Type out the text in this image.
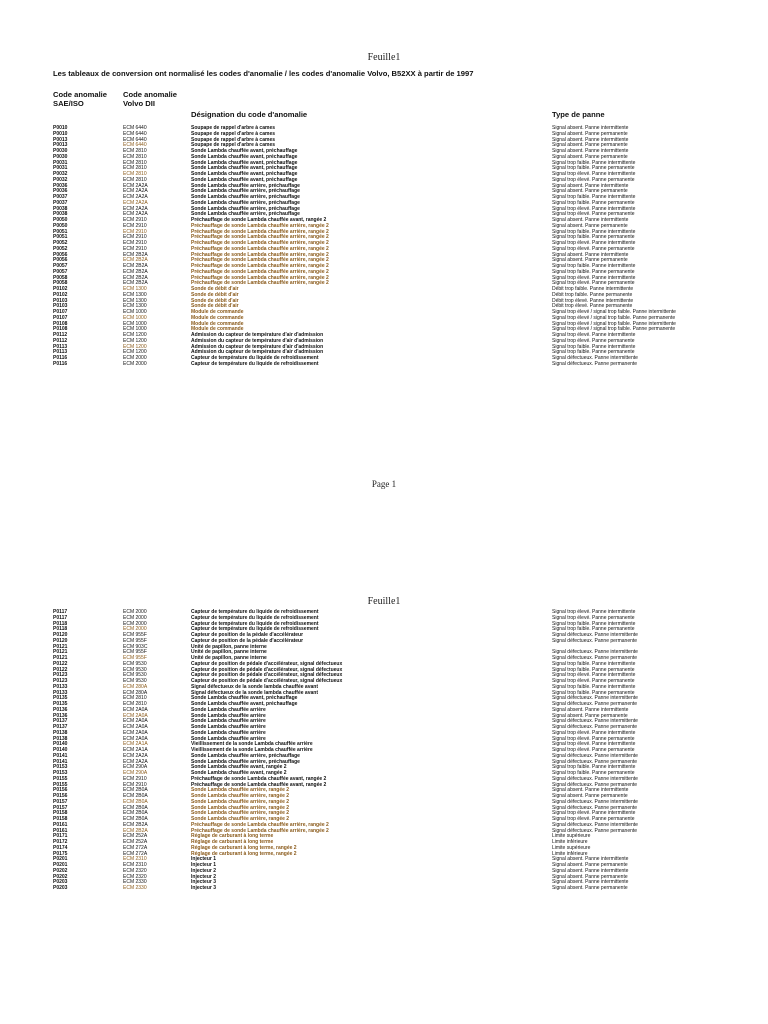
Feuille1
Les tableaux de conversion ont normalisé les codes d'anomalie / les codes d'anomalie Volvo, B52XX à partir de 1997
Code anomalie
SAE/ISO
Code anomalie
Volvo DII
Désignation du code d'anomalie	Type de panne
P0010	ECM 6440	Soupape de rappel d'arbre à cames	Signal absent. Panne intermittente
P0010	ECM 6440	Soupape de rappel d'arbre à cames	Signal absent. Panne permanente
P0013	ECM 6440	Soupape de rappel d'arbre à cames	Signal absent. Panne intermittente
P0013	ECM 6440	Soupape de rappel d'arbre à cames	Signal absent. Panne permanente
P0030	ECM 2810	Sonde Lambda chauffée avant, préchauffage	Signal absent. Panne intermittente
P0030	ECM 2810	Sonde Lambda chauffée avant, préchauffage	Signal absent. Panne permanente
P0031	ECM 2810	Sonde Lambda chauffée avant, préchauffage	Signal trop faible. Panne intermittente
P0031	ECM 2810	Sonde Lambda chauffée avant, préchauffage	Signal trop faible. Panne permanente
P0032	ECM 2810	Sonde Lambda chauffée avant, préchauffage	Signal trop élevé. Panne intermittente
P0032	ECM 2810	Sonde Lambda chauffée avant, préchauffage	Signal trop élevé. Panne permanente
P0036	ECM 2A2A	Sonde Lambda chauffée arrière, préchauffage	Signal absent. Panne intermittente
P0036	ECM 2A2A	Sonde Lambda chauffée arrière, préchauffage	Signal absent. Panne permanente
P0037	ECM 2A2A	Sonde Lambda chauffée arrière, préchauffage	Signal trop faible. Panne intermittente
P0037	ECM 2A2A	Sonde Lambda chauffée arrière, préchauffage	Signal trop faible. Panne permanente
P0038	ECM 2A2A	Sonde Lambda chauffée arrière, préchauffage	Signal trop élevé. Panne intermittente
P0038	ECM 2A2A	Sonde Lambda chauffée arrière, préchauffage	Signal trop élevé. Panne permanente
P0050	ECM 2910	Préchauffage de sonde Lambda chauffée avant, rangée 2	Signal absent. Panne intermittente
P0050	ECM 2910	Préchauffage de sonde Lambda chauffée arrière, rangée 2	Signal absent. Panne permanente
P0051	ECM 2910	Préchauffage de sonde Lambda chauffée arrière, rangée 2	Signal trop faible. Panne intermittente
P0051	ECM 2910	Préchauffage de sonde Lambda chauffée arrière, rangée 2	Signal trop faible. Panne permanente
P0052	ECM 2910	Préchauffage de sonde Lambda chauffée arrière, rangée 2	Signal trop élevé. Panne intermittente
P0052	ECM 2910	Préchauffage de sonde Lambda chauffée arrière, rangée 2	Signal trop élevé. Panne permanente
P0056	ECM 2B2A	Préchauffage de sonde Lambda chauffée arrière, rangée 2	Signal absent. Panne intermittente
P0056	ECM 2B2A	Préchauffage de sonde Lambda chauffée arrière, rangée 2	Signal absent. Panne permanente
P0057	ECM 2B2A	Préchauffage de sonde Lambda chauffée arrière, rangée 2	Signal trop faible. Panne intermittente
P0057	ECM 2B2A	Préchauffage de sonde Lambda chauffée arrière, rangée 2	Signal trop faible. Panne permanente
P0058	ECM 2B2A	Préchauffage de sonde Lambda chauffée arrière, rangée 2	Signal trop élevé. Panne intermittente
P0058	ECM 2B2A	Préchauffage de sonde Lambda chauffée arrière, rangée 2	Signal trop élevé. Panne permanente
P0102	ECM 1300	Sonde de débit d'air	Débit trop faible. Panne intermittente
P0102	ECM 1300	Sonde de débit d'air	Débit trop faible. Panne permanente
P0103	ECM 1300	Sonde de débit d'air	Débit trop élevé. Panne intermittente
P0103	ECM 1300	Sonde de débit d'air	Débit trop élevé. Panne permanente
P0107	ECM 1000	Module de commande	Signal trop élevé / signal trop faible. Panne intermittente
P0107	ECM 1000	Module de commande	Signal trop élevé / signal trop faible. Panne permanente
P0108	ECM 1000	Module de commande	Signal trop élevé / signal trop faible. Panne intermittente
P0108	ECM 1000	Module de commande	Signal trop élevé / signal trop faible. Panne permanente
P0112	ECM 1200	Admission du capteur de température d'air d'admission	Signal trop élevé. Panne intermittente
P0112	ECM 1200	Admission du capteur de température d'air d'admission	Signal trop élevé. Panne permanente
P0113	ECM 1200	Admission du capteur de température d'air d'admission	Signal trop faible. Panne intermittente
P0113	ECM 1200	Admission du capteur de température d'air d'admission	Signal trop faible. Panne permanente
P0116	ECM 2000	Capteur de température du liquide de refroidissement	Signal défectueux. Panne intermittente
P0116	ECM 2000	Capteur de température du liquide de refroidissement	Signal défectueux. Panne permanente
Page 1
Feuille1
P0117	ECM 2000	Capteur de température du liquide de refroidissement	Signal trop élevé. Panne intermittente
P0117	ECM 2000	Capteur de température du liquide de refroidissement	Signal trop élevé. Panne permanente
P0118	ECM 2000	Capteur de température du liquide de refroidissement	Signal trop faible. Panne intermittente
P0118	ECM 2000	Capteur de température du liquide de refroidissement	Signal trop faible. Panne permanente
P0120	ECM 955F	Capteur de position de la pédale d'accélérateur	Signal défectueux. Panne intermittente
P0120	ECM 955F	Capteur de position de la pédale d'accélérateur	Signal défectueux. Panne permanente
P0121	ECM 903C	Unité de papillon, panne interne
P0121	ECM 955F	Unité de papillon, panne interne	Signal défectueux. Panne intermittente
P0121	ECM 955F	Unité de papillon, panne interne	Signal défectueux. Panne permanente
P0122	ECM 9530	Capteur de position de pédale d'accélérateur, signal défectueux	Signal trop faible. Panne intermittente
P0122	ECM 9530	Capteur de position de pédale d'accélérateur, signal défectueux	Signal trop faible. Panne permanente
P0123	ECM 9530	Capteur de position de pédale d'accélérateur, signal défectueux	Signal trop élevé. Panne intermittente
P0123	ECM 9530	Capteur de position de pédale d'accélérateur, signal défectueux	Signal trop élevé. Panne permanente
P0133	ECM 280A	Signal défectueux de la sonde lambda chauffée avant	Signal trop faible. Panne intermittente
P0133	ECM 280A	Signal défectueux de la sonde lambda chauffée avant	Signal trop faible. Panne permanente
P0135	ECM 2810	Sonde Lambda chauffée avant, préchauffage	Signal défectueux. Panne intermittente
P0135	ECM 2810	Sonde Lambda chauffée avant, préchauffage	Signal défectueux. Panne permanente
P0136	ECM 2A0A	Sonde Lambda chauffée arrière	Signal absent. Panne intermittente
P0136	ECM 2A0A	Sonde Lambda chauffée arrière	Signal absent. Panne permanente
P0137	ECM 2A0A	Sonde Lambda chauffée arrière	Signal défectueux. Panne intermittente
P0137	ECM 2A0A	Sonde Lambda chauffée arrière	Signal défectueux. Panne permanente
P0138	ECM 2A0A	Sonde Lambda chauffée arrière	Signal trop élevé. Panne intermittente
P0138	ECM 2A0A	Sonde Lambda chauffée arrière	Signal trop élevé. Panne permanente
P0140	ECM 2A1A	Vieillissement de la sonde Lambda chauffée arrière	Signal trop élevé. Panne intermittente
P0140	ECM 2A1A	Vieillissement de la sonde Lambda chauffée arrière	Signal trop élevé. Panne permanente
P0141	ECM 2A2A	Sonde Lambda chauffée arrière, préchauffage	Signal défectueux. Panne intermittente
P0141	ECM 2A2A	Sonde Lambda chauffée arrière, préchauffage	Signal défectueux. Panne permanente
P0153	ECM 290A	Sonde Lambda chauffée avant, rangée 2	Signal trop faible. Panne intermittente
P0153	ECM 290A	Sonde Lambda chauffée avant, rangée 2	Signal trop faible. Panne permanente
P0155	ECM 2910	Préchauffage de sonde Lambda chauffée avant, rangée 2	Signal défectueux. Panne intermittente
P0155	ECM 2910	Préchauffage de sonde Lambda chauffée avant, rangée 2	Signal défectueux. Panne permanente
P0156	ECM 2B0A	Sonde Lambda chauffée arrière, rangée 2	Signal absent. Panne intermittente
P0156	ECM 2B0A	Sonde Lambda chauffée arrière, rangée 2	Signal absent. Panne permanente
P0157	ECM 2B0A	Sonde Lambda chauffée arrière, rangée 2	Signal défectueux. Panne intermittente
P0157	ECM 2B0A	Sonde Lambda chauffée arrière, rangée 2	Signal défectueux. Panne permanente
P0158	ECM 2B0A	Sonde Lambda chauffée arrière, rangée 2	Signal trop élevé. Panne intermittente
P0158	ECM 2B0A	Sonde Lambda chauffée arrière, rangée 2	Signal trop élevé. Panne permanente
P0161	ECM 2B2A	Préchauffage de sonde Lambda chauffée arrière, rangée 2	Signal défectueux. Panne intermittente
P0161	ECM 2B2A	Préchauffage de sonde Lambda chauffée arrière, rangée 2	Signal défectueux. Panne permanente
P0171	ECM 252A	Réglage de carburant à long terme	Limite supérieure
P0172	ECM 252A	Réglage de carburant à long terme	Limite inférieure
P0174	ECM 272A	Réglage de carburant à long terme, rangée 2	Limite supérieure
P0175	ECM 272A	Réglage de carburant à long terme, rangée 2	Limite inférieure
P0201	ECM 2310	Injecteur 1	Signal absent. Panne intermittente
P0201	ECM 2310	Injecteur 1	Signal absent. Panne permanente
P0202	ECM 2320	Injecteur 2	Signal absent. Panne intermittente
P0202	ECM 2320	Injecteur 2	Signal absent. Panne permanente
P0203	ECM 2330	Injecteur 3	Signal absent. Panne intermittente
P0203	ECM 2330	Injecteur 3	Signal absent. Panne permanente
